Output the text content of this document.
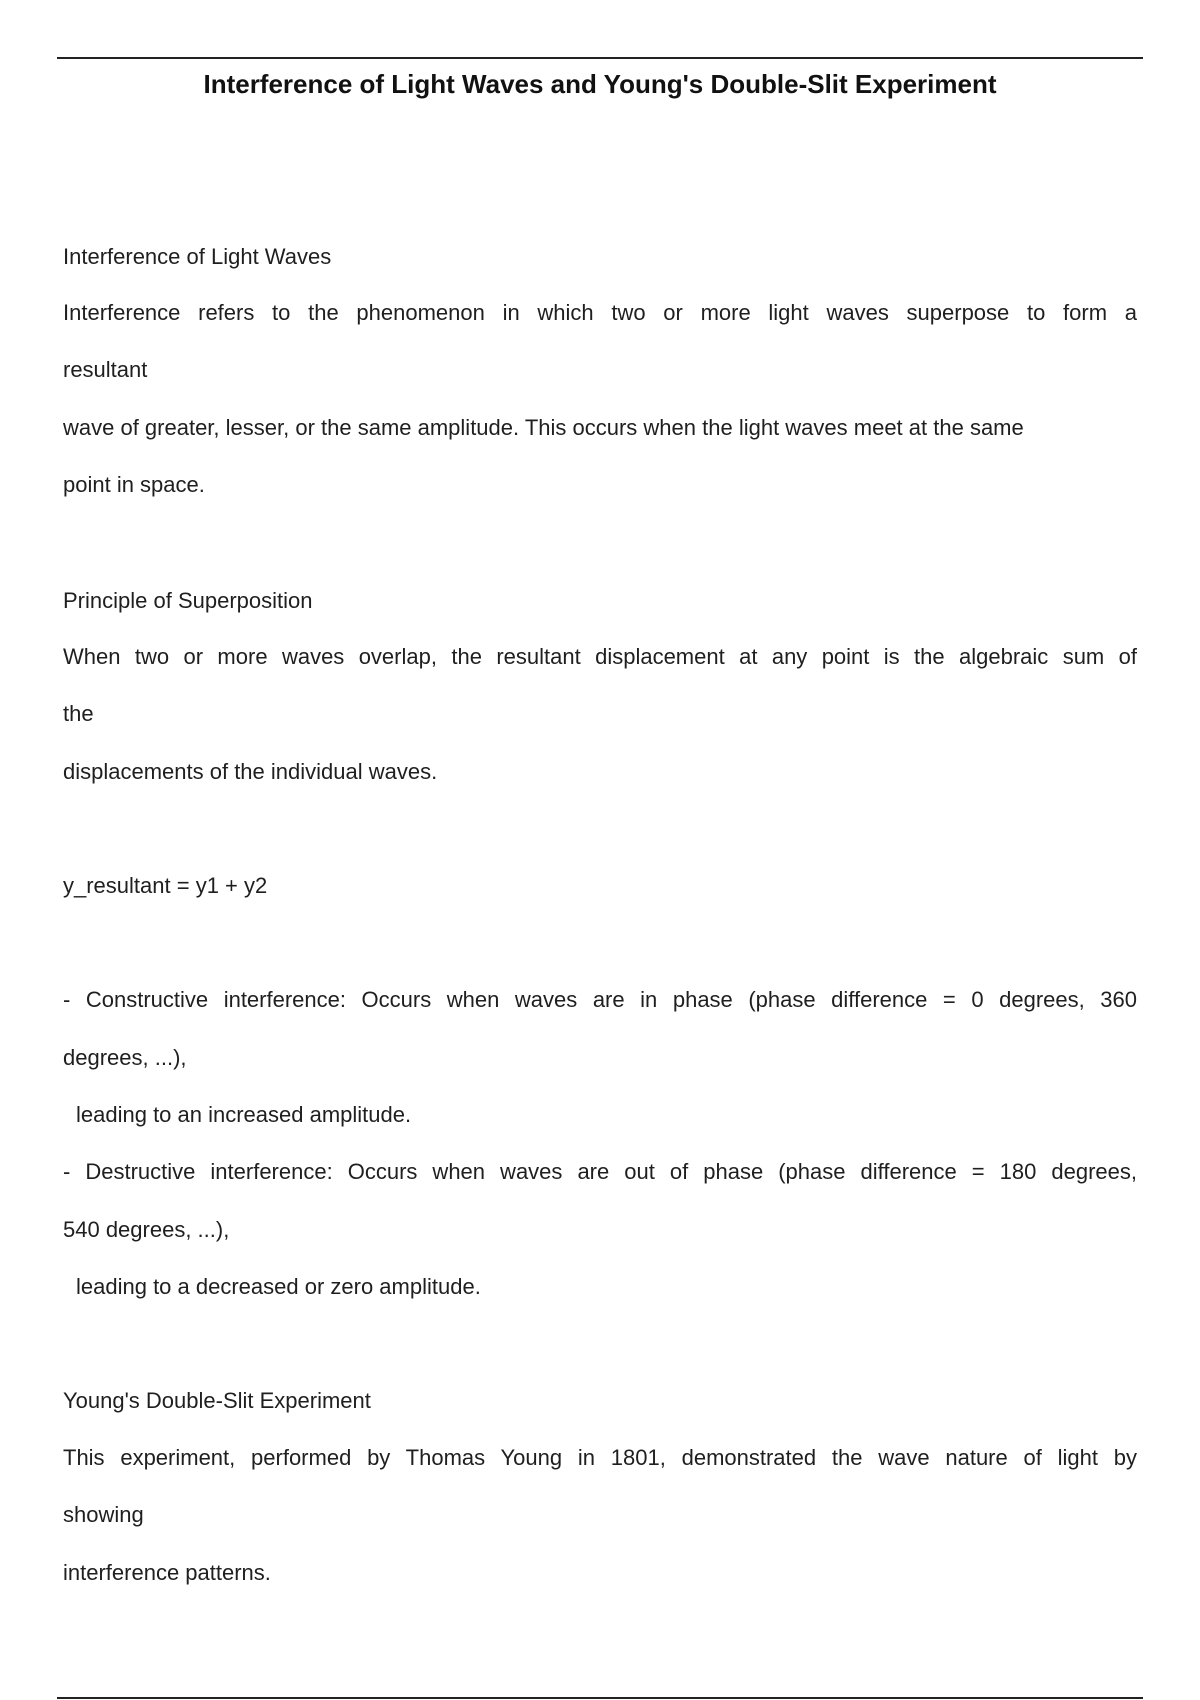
Interference of Light Waves and Young's Double-Slit Experiment
Interference of Light Waves
Interference refers to the phenomenon in which two or more light waves superpose to form a
resultant
wave of greater, lesser, or the same amplitude. This occurs when the light waves meet at the same
point in space.
Principle of Superposition
When two or more waves overlap, the resultant displacement at any point is the algebraic sum of
the
displacements of the individual waves.
y_resultant = y1 + y2
- Constructive interference: Occurs when waves are in phase (phase difference = 0 degrees, 360
degrees, ...),
leading to an increased amplitude.
- Destructive interference: Occurs when waves are out of phase (phase difference = 180 degrees,
540 degrees, ...),
leading to a decreased or zero amplitude.
Young's Double-Slit Experiment
This experiment, performed by Thomas Young in 1801, demonstrated the wave nature of light by
showing
interference patterns.
